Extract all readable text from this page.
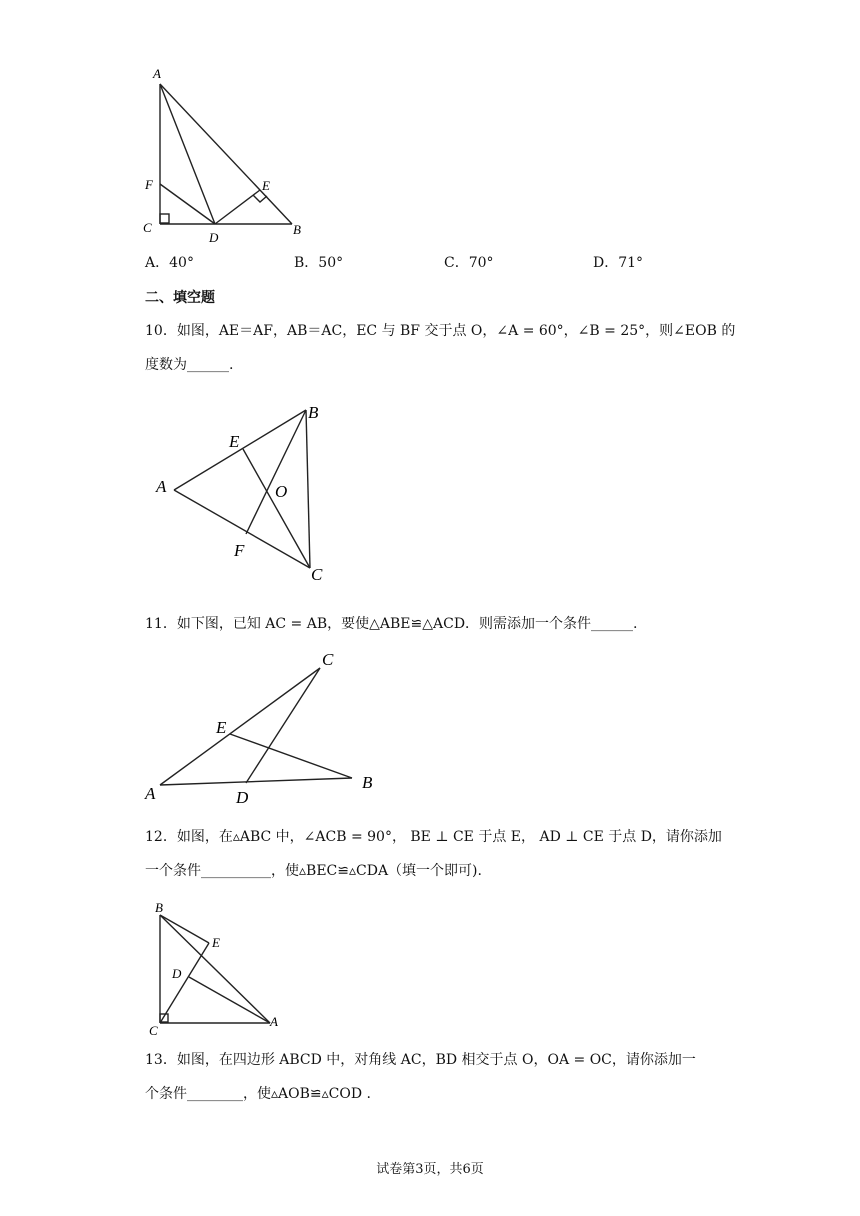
A
F	E
C
D
B
A．40°	B．50°	C．70°	D．71°
二、填空题
10．如图，AE＝AF，AB＝AC，EC 与 BF 交于点 O，∠A = 60°，∠B = 25°，则∠EOB 的
度数为______.
A
B
C
E
F
O
11．如下图，已知 AC = AB，要使△ABE≌△ACD．则需添加一个条件______.
A
B
C
D
E
12．如图，在▵ABC 中，∠ACB = 90°， BE ⊥ CE 于点 E， AD ⊥ CE 于点 D，请你添加
一个条件__________，使▵BEC≌▵CDA（填一个即可).
B
E
D
C
A
13．如图，在四边形 ABCD 中，对角线 AC，BD 相交于点 O，OA = OC，请你添加一
个条件________，使▵AOB≌▵COD .
试卷第3页，共6页
